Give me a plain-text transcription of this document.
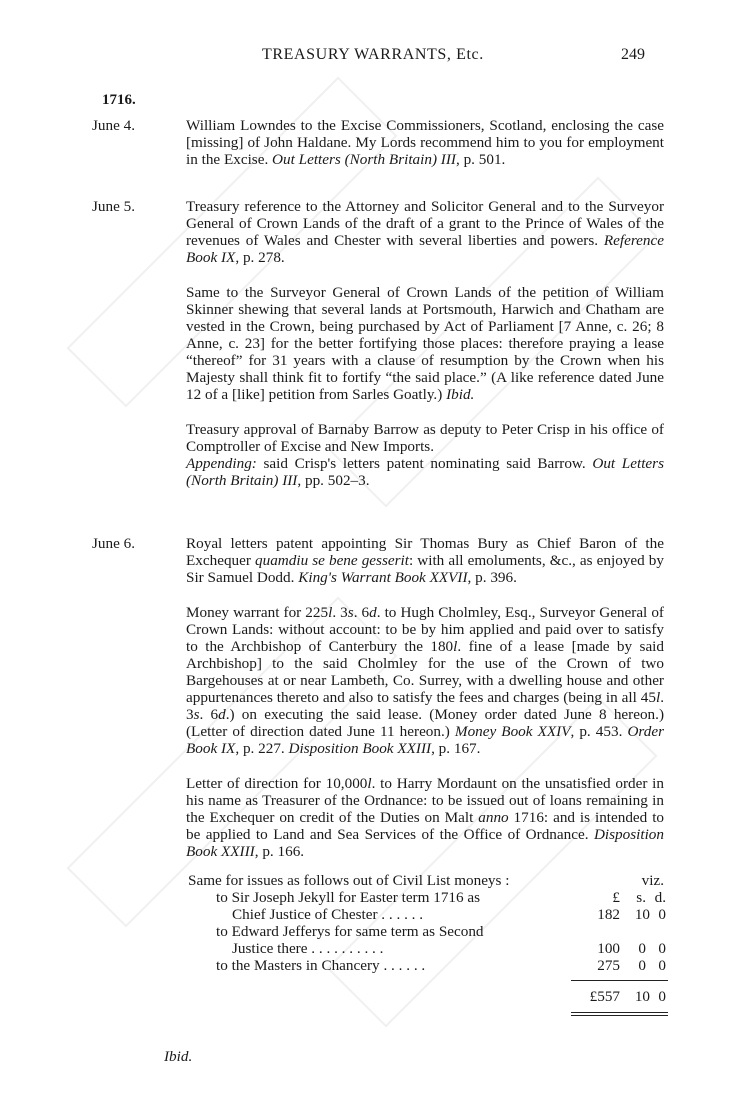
TREASURY WARRANTS, Etc.	249
1716.
June 4.	William Lowndes to the Excise Commissioners, Scotland, enclosing the case [missing] of John Haldane. My Lords recommend him to you for employment in the Excise. Out Letters (North Britain) III, p. 501.

June 5.	Treasury reference to the Attorney and Solicitor General and to the Surveyor General of Crown Lands of the draft of a grant to the Prince of Wales of the revenues of Wales and Chester with several liberties and powers. Reference Book IX, p. 278.

Same to the Surveyor General of Crown Lands of the petition of William Skinner shewing that several lands at Portsmouth, Harwich and Chatham are vested in the Crown, being purchased by Act of Parliament [7 Anne, c. 26; 8 Anne, c. 23] for the better fortifying those places: therefore praying a lease “thereof” for 31 years with a clause of resumption by the Crown when his Majesty shall think fit to fortify “the said place.” (A like reference dated June 12 of a [like] petition from Sarles Goatly.) Ibid.

Treasury approval of Barnaby Barrow as deputy to Peter Crisp in his office of Comptroller of Excise and New Imports.
Appending: said Crisp's letters patent nominating said Barrow. Out Letters (North Britain) III, pp. 502–3.

June 6.	Royal letters patent appointing Sir Thomas Bury as Chief Baron of the Exchequer quamdiu se bene gesserit: with all emoluments, &c., as enjoyed by Sir Samuel Dodd. King's Warrant Book XXVII, p. 396.

Money warrant for 225l. 3s. 6d. to Hugh Cholmley, Esq., Surveyor General of Crown Lands: without account: to be by him applied and paid over to satisfy to the Archbishop of Canterbury the 180l. fine of a lease [made by said Archbishop] to the said Cholmley for the use of the Crown of two Bargehouses at or near Lambeth, Co. Surrey, with a dwelling house and other appurtenances thereto and also to satisfy the fees and charges (being in all 45l. 3s. 6d.) on executing the said lease. (Money order dated June 8 hereon.) (Letter of direction dated June 11 hereon.) Money Book XXIV, p. 453. Order Book IX, p. 227. Disposition Book XXIII, p. 167.

Letter of direction for 10,000l. to Harry Mordaunt on the unsatisfied order in his name as Treasurer of the Ordnance: to be issued out of loans remaining in the Exchequer on credit of the Duties on Malt anno 1716: and is intended to be applied to Land and Sea Services of the Office of Ordnance. Disposition Book XXIII, p. 166.

Same for issues as follows out of Civil List moneys :	viz.
£ s. d.
to Sir Joseph Jekyll for Easter term 1716 as
Chief Justice of Chester . . . . . .	182 10 0
to Edward Jefferys for same term as Second
Justice there . . . . . . . . . .	100 0 0
to the Masters in Chancery . . . . . .	275 0 0
£557 10 0
Ibid.
